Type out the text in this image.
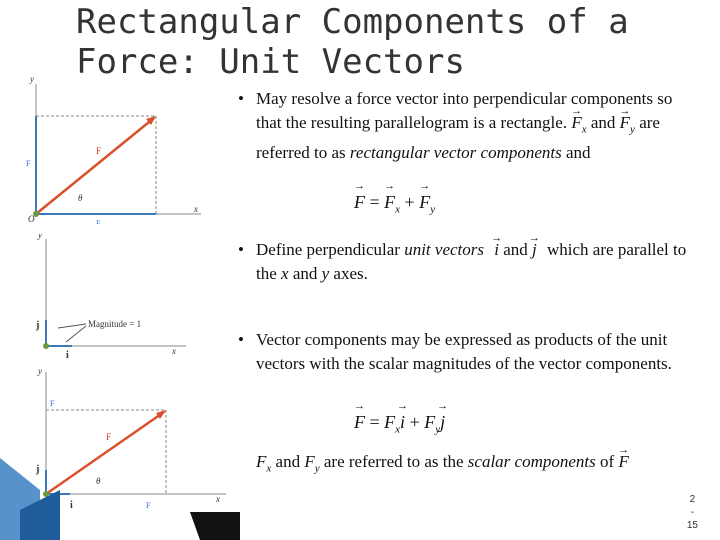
Rectangular Components of a
Force: Unit Vectors
y
x
O
F
F
F
θ
y
x
j
i
Magnitude = 1
y
x
j
i
F
F
F
θ
• May resolve a force vector into perpendicular components so that the resulting parallelogram is a rectangle. → $F_x$ and → $F_y$ are referred to as rectangular vector components and
→ F = → $F_x$ + → $F_y$
• Define perpendicular unit vectors → i and → j which are parallel to the x and y axes.
• Vector components may be expressed as products of the unit vectors with the scalar magnitudes of the vector components.
→ $F = F_x\to i + F_y\to j$
$F_x$ and $F_y$ are referred to as the scalar components of → F
2
-
15
